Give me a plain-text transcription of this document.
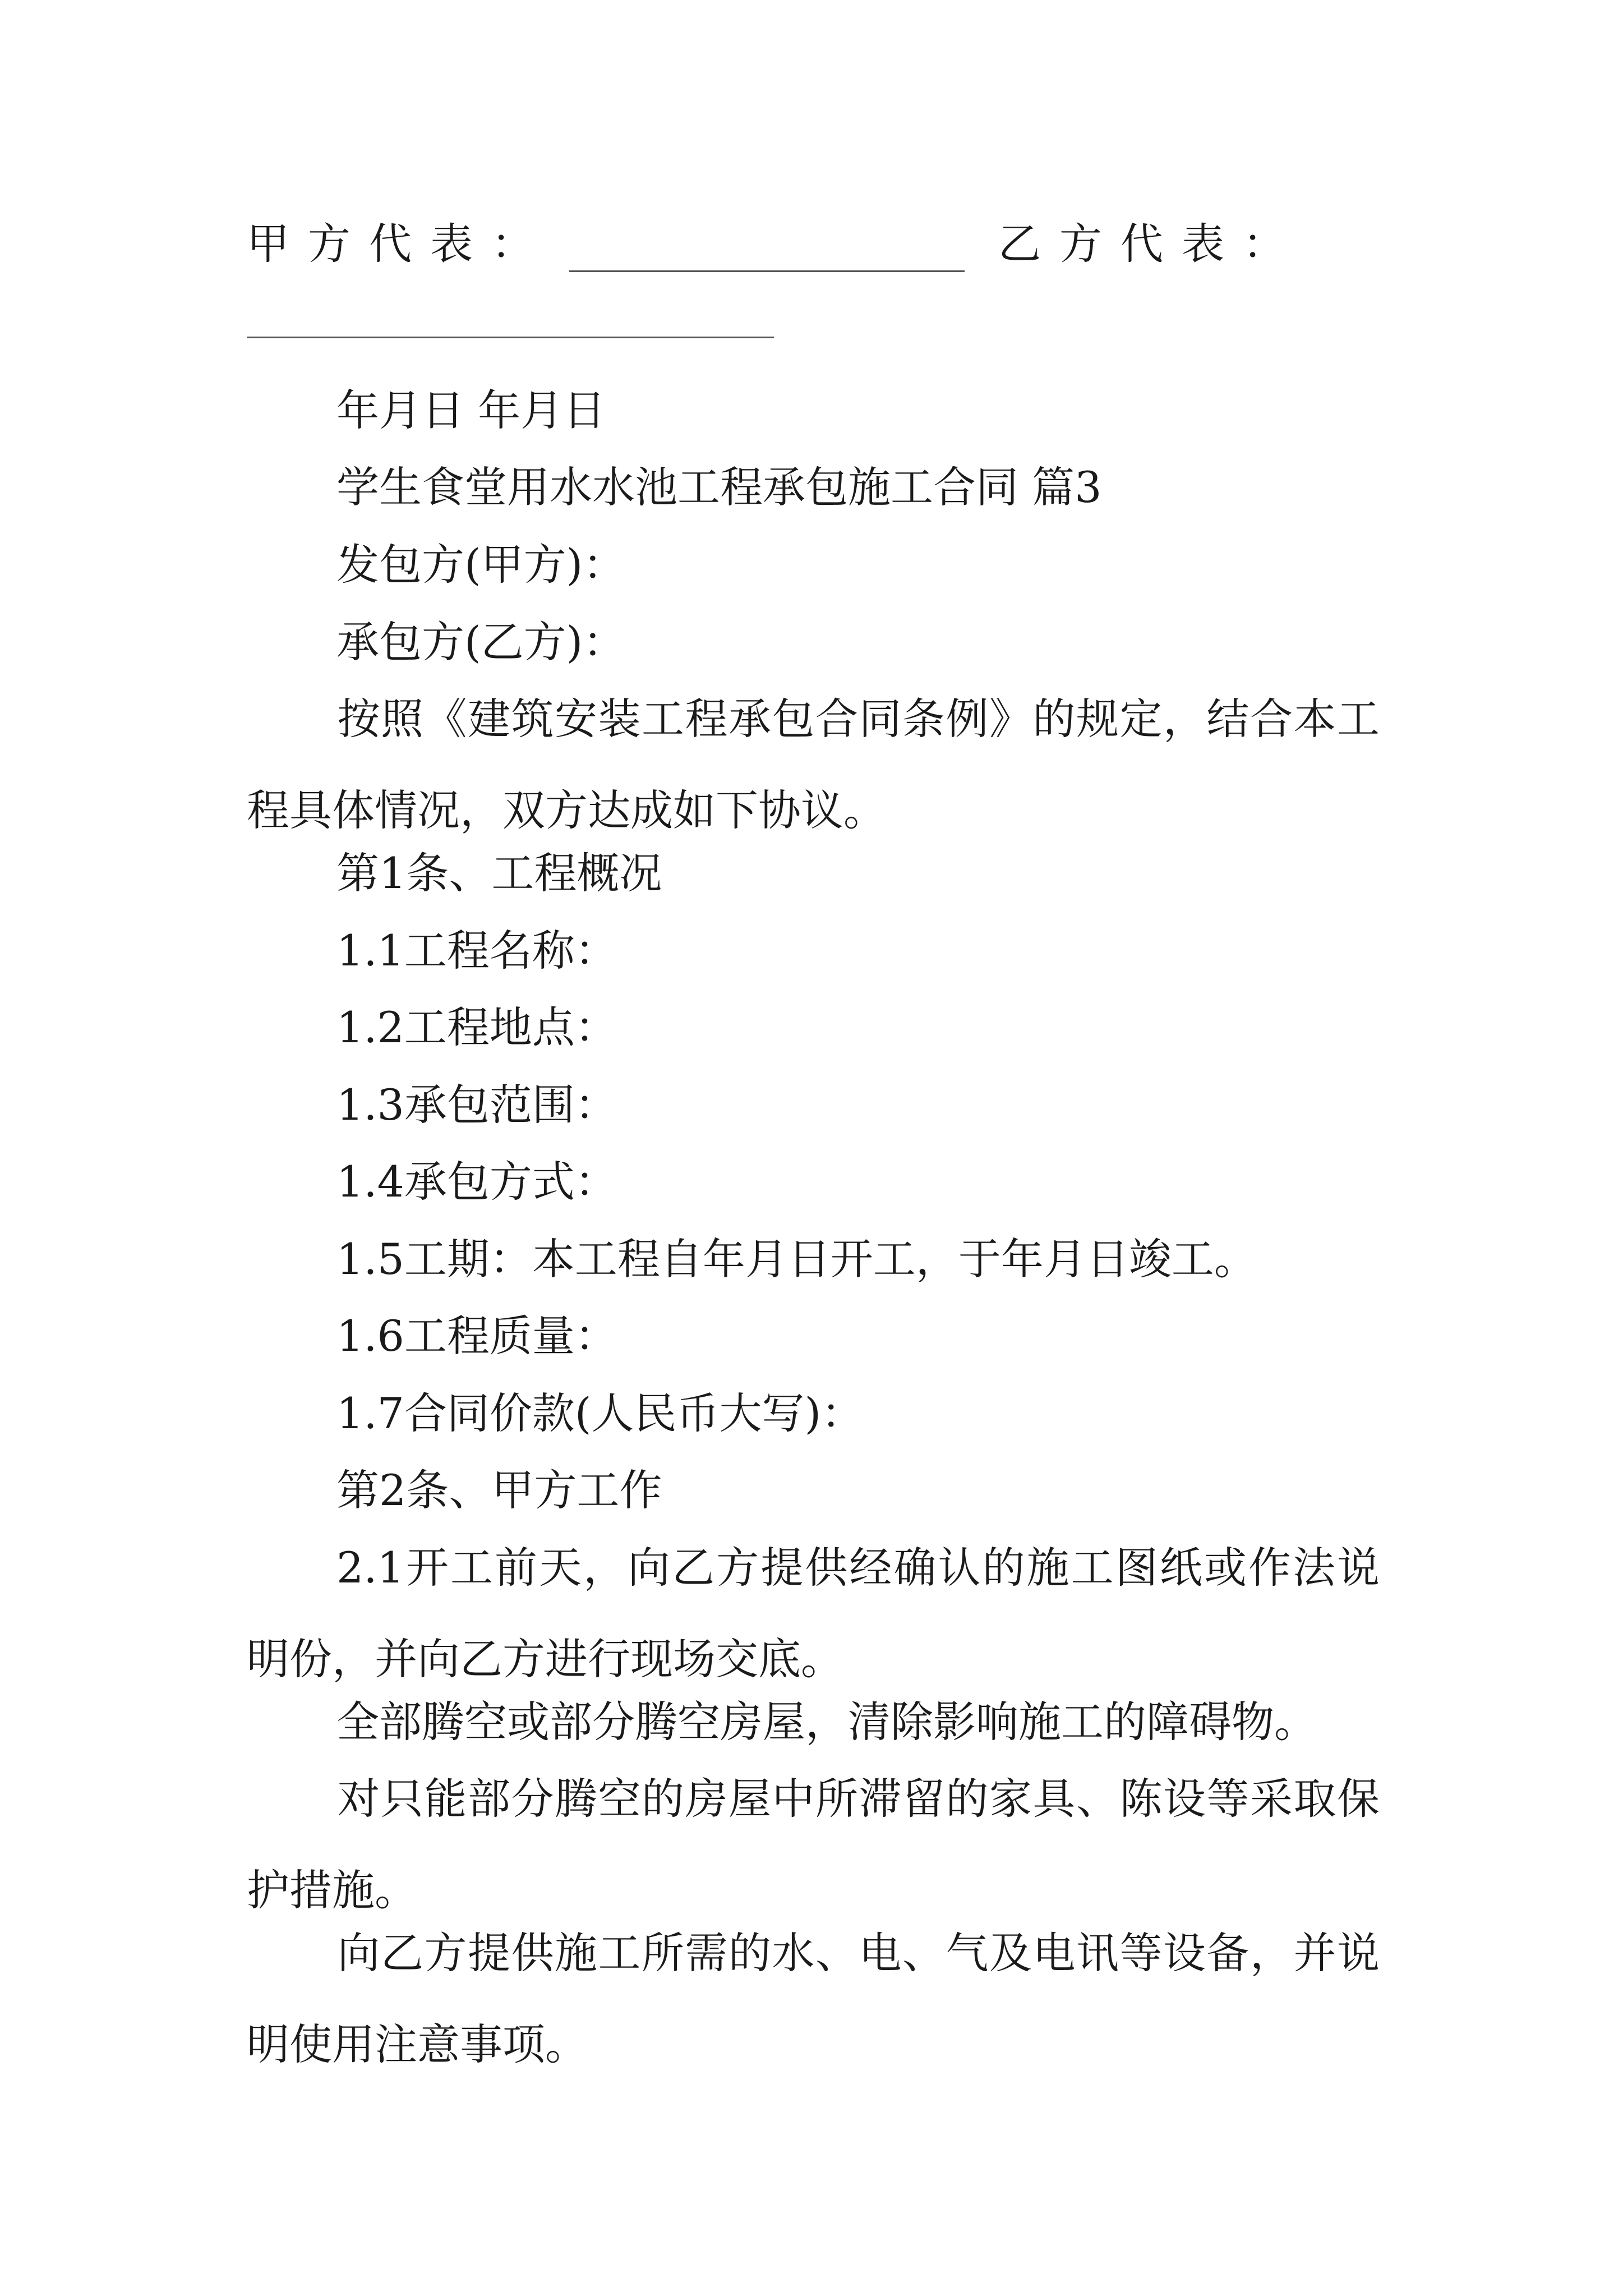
甲方代表：	乙方代表：

年月日 年月日

学生食堂用水水池工程承包施工合同 篇3

发包方(甲方)：

承包方(乙方)：

按照《建筑安装工程承包合同条例》的规定，结合本工程具体情况，双方达成如下协议。

第1条、工程概况

1.1工程名称：

1.2工程地点：

1.3承包范围：

1.4承包方式：

1.5工期：本工程自年月日开工，于年月日竣工。

1.6工程质量：

1.7合同价款(人民币大写)：

第2条、甲方工作

2.1开工前天，向乙方提供经确认的施工图纸或作法说明份，并向乙方进行现场交底。

全部腾空或部分腾空房屋，清除影响施工的障碍物。

对只能部分腾空的房屋中所滞留的家具、陈设等采取保护措施。

向乙方提供施工所需的水、电、气及电讯等设备，并说明使用注意事项。
